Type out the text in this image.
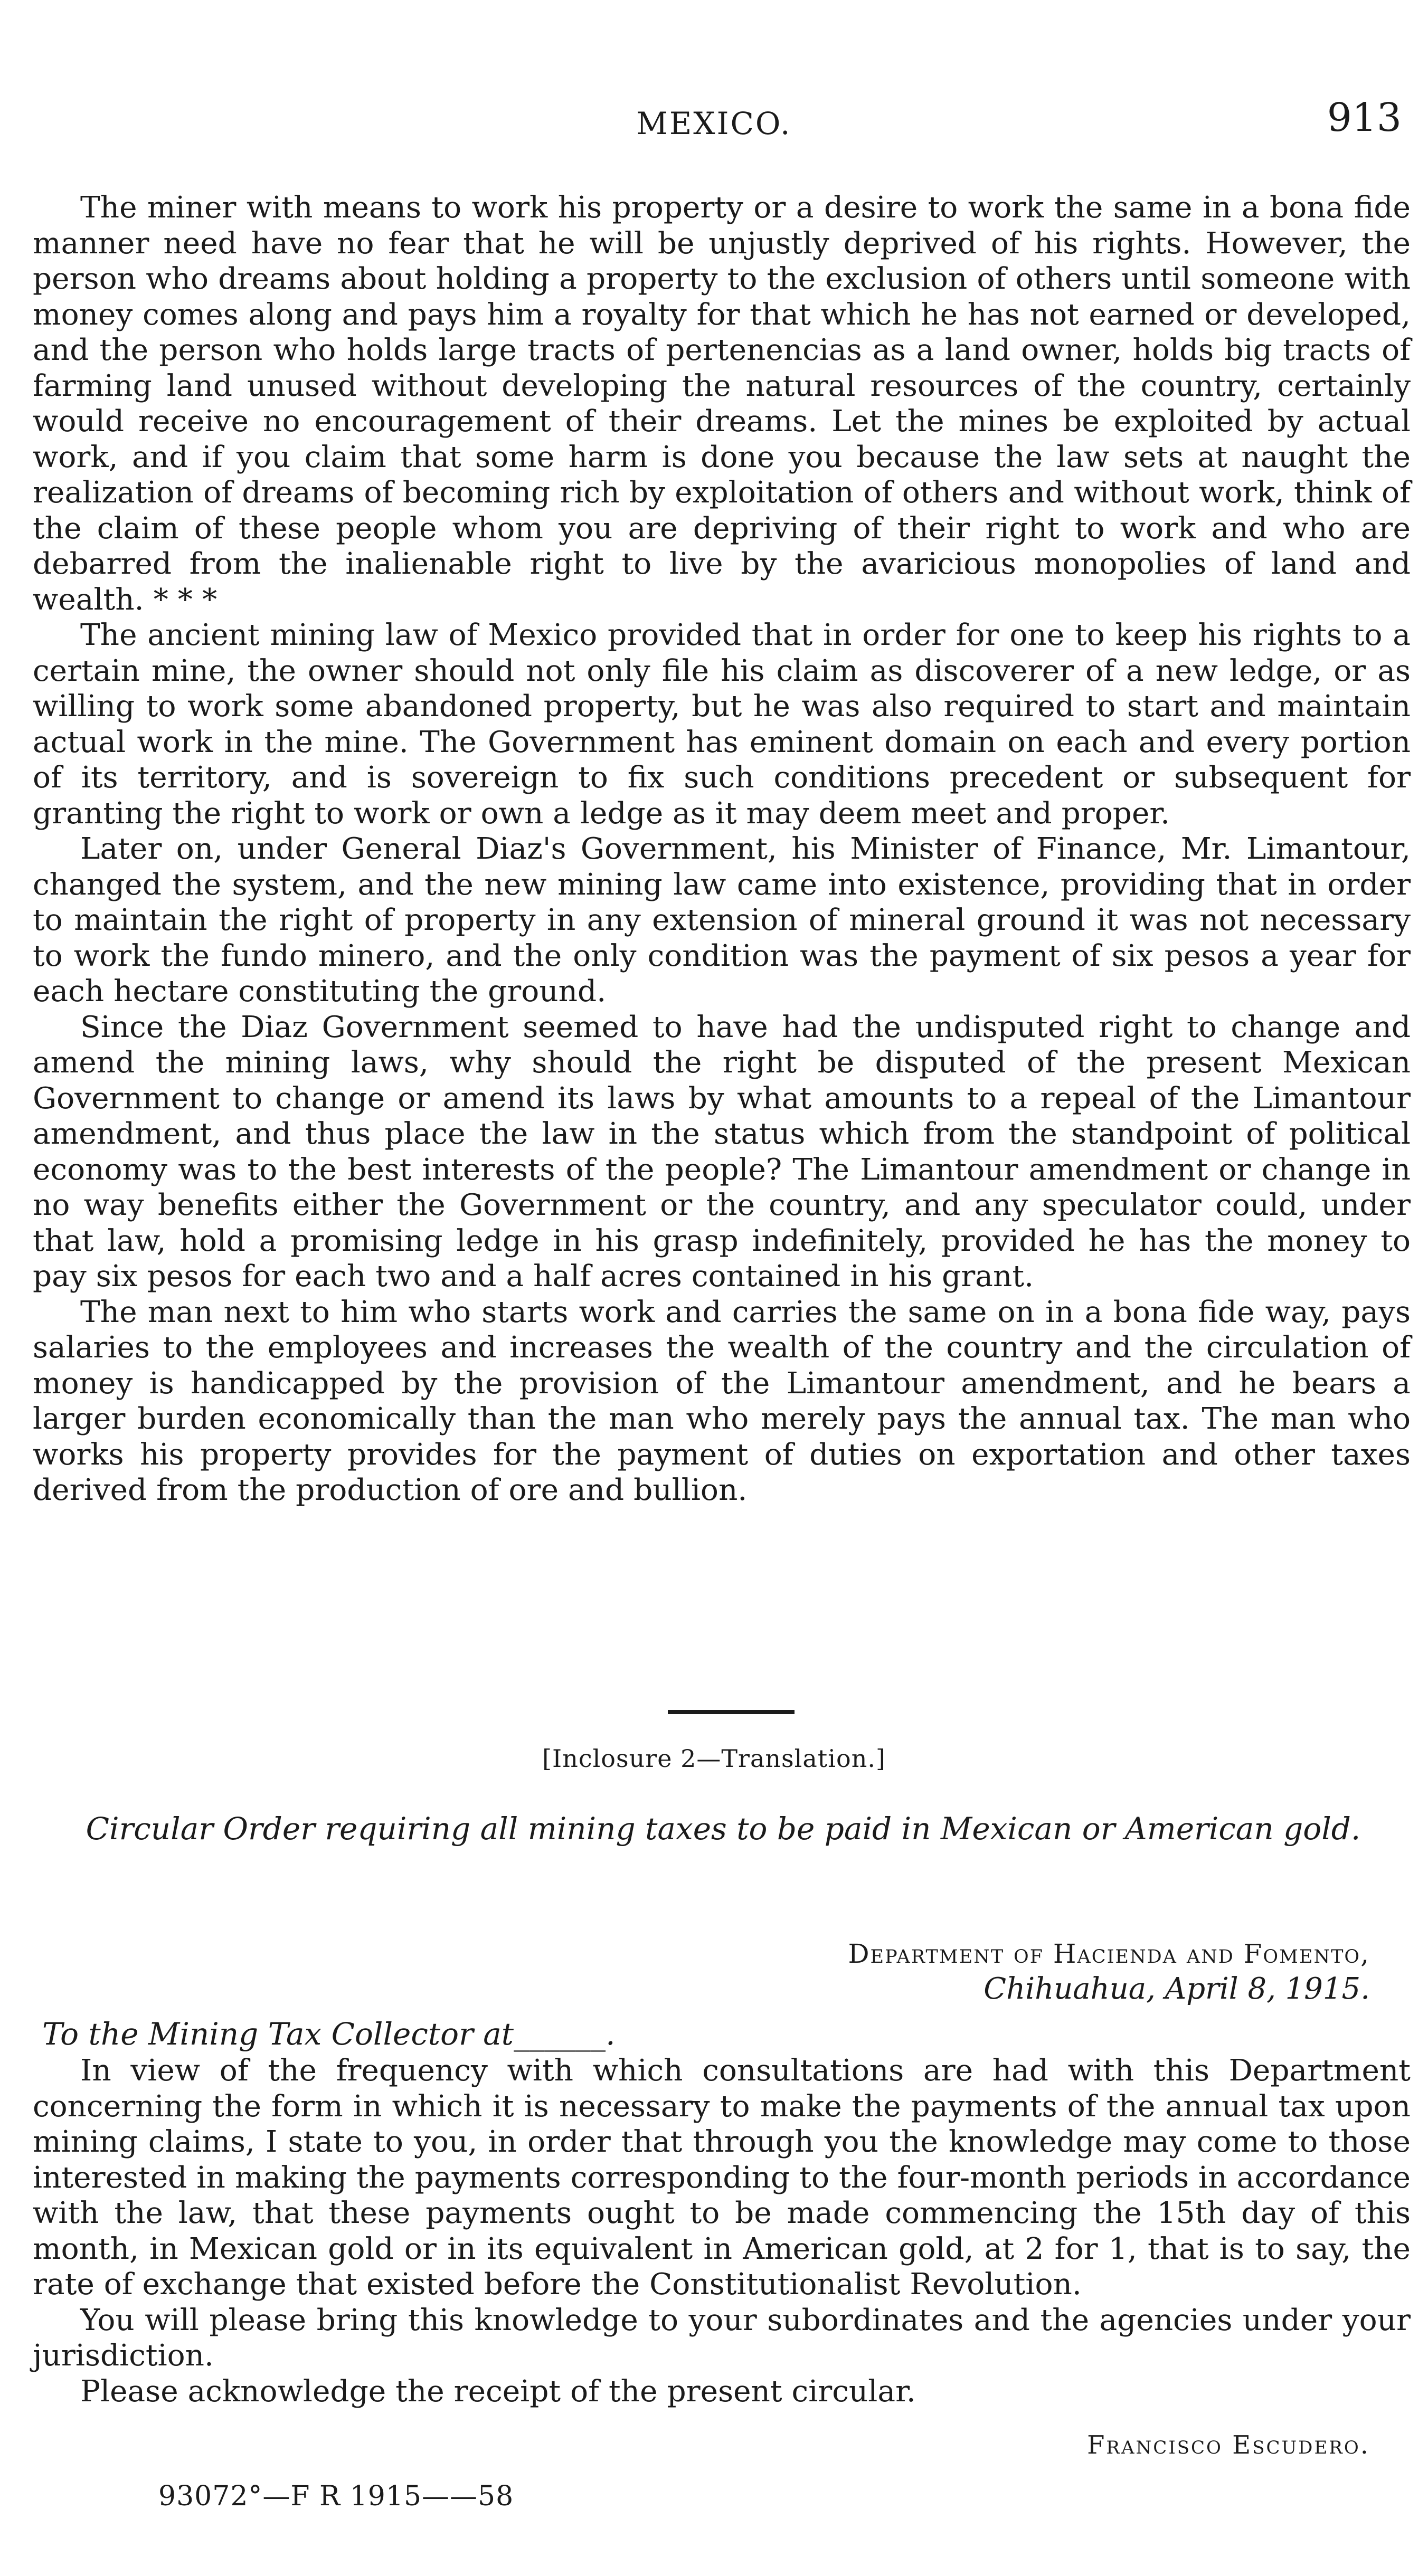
MEXICO.	913

The miner with means to work his property or a desire to work the same in a bona fide manner need have no fear that he will be unjustly deprived of his rights. However, the person who dreams about holding a property to the exclusion of others until someone with money comes along and pays him a royalty for that which he has not earned or developed, and the person who holds large tracts of pertenencias as a land owner, holds big tracts of farming land unused without developing the natural resources of the country, certainly would receive no encouragement of their dreams. Let the mines be exploited by actual work, and if you claim that some harm is done you because the law sets at naught the realization of dreams of becoming rich by exploitation of others and without work, think of the claim of these people whom you are depriving of their right to work and who are debarred from the inalienable right to live by the avaricious monopolies of land and wealth. * * *

The ancient mining law of Mexico provided that in order for one to keep his rights to a certain mine, the owner should not only file his claim as discoverer of a new ledge, or as willing to work some abandoned property, but he was also required to start and maintain actual work in the mine. The Government has eminent domain on each and every portion of its territory, and is sovereign to fix such conditions precedent or subsequent for granting the right to work or own a ledge as it may deem meet and proper.

Later on, under General Diaz's Government, his Minister of Finance, Mr. Limantour, changed the system, and the new mining law came into existence, providing that in order to maintain the right of property in any extension of mineral ground it was not necessary to work the fundo minero, and the only condition was the payment of six pesos a year for each hectare constituting the ground.

Since the Diaz Government seemed to have had the undisputed right to change and amend the mining laws, why should the right be disputed of the present Mexican Government to change or amend its laws by what amounts to a repeal of the Limantour amendment, and thus place the law in the status which from the standpoint of political economy was to the best interests of the people? The Limantour amendment or change in no way benefits either the Government or the country, and any speculator could, under that law, hold a promising ledge in his grasp indefinitely, provided he has the money to pay six pesos for each two and a half acres contained in his grant.

The man next to him who starts work and carries the same on in a bona fide way, pays salaries to the employees and increases the wealth of the country and the circulation of money is handicapped by the provision of the Limantour amendment, and he bears a larger burden economically than the man who merely pays the annual tax. The man who works his property provides for the payment of duties on exportation and other taxes derived from the production of ore and bullion.

[Inclosure 2—Translation.]
Circular Order requiring all mining taxes to be paid in Mexican or American gold.
Department of Hacienda and Fomento,
Chihuahua, April 8, 1915.
To the Mining Tax Collector at______.

In view of the frequency with which consultations are had with this Department concerning the form in which it is necessary to make the payments of the annual tax upon mining claims, I state to you, in order that through you the knowledge may come to those interested in making the payments corresponding to the four-month periods in accordance with the law, that these payments ought to be made commencing the 15th day of this month, in Mexican gold or in its equivalent in American gold, at 2 for 1, that is to say, the rate of exchange that existed before the Constitutionalist Revolution.

You will please bring this knowledge to your subordinates and the agencies under your jurisdiction.

Please acknowledge the receipt of the present circular.

Francisco Escudero.
93072°—F R 1915——58
